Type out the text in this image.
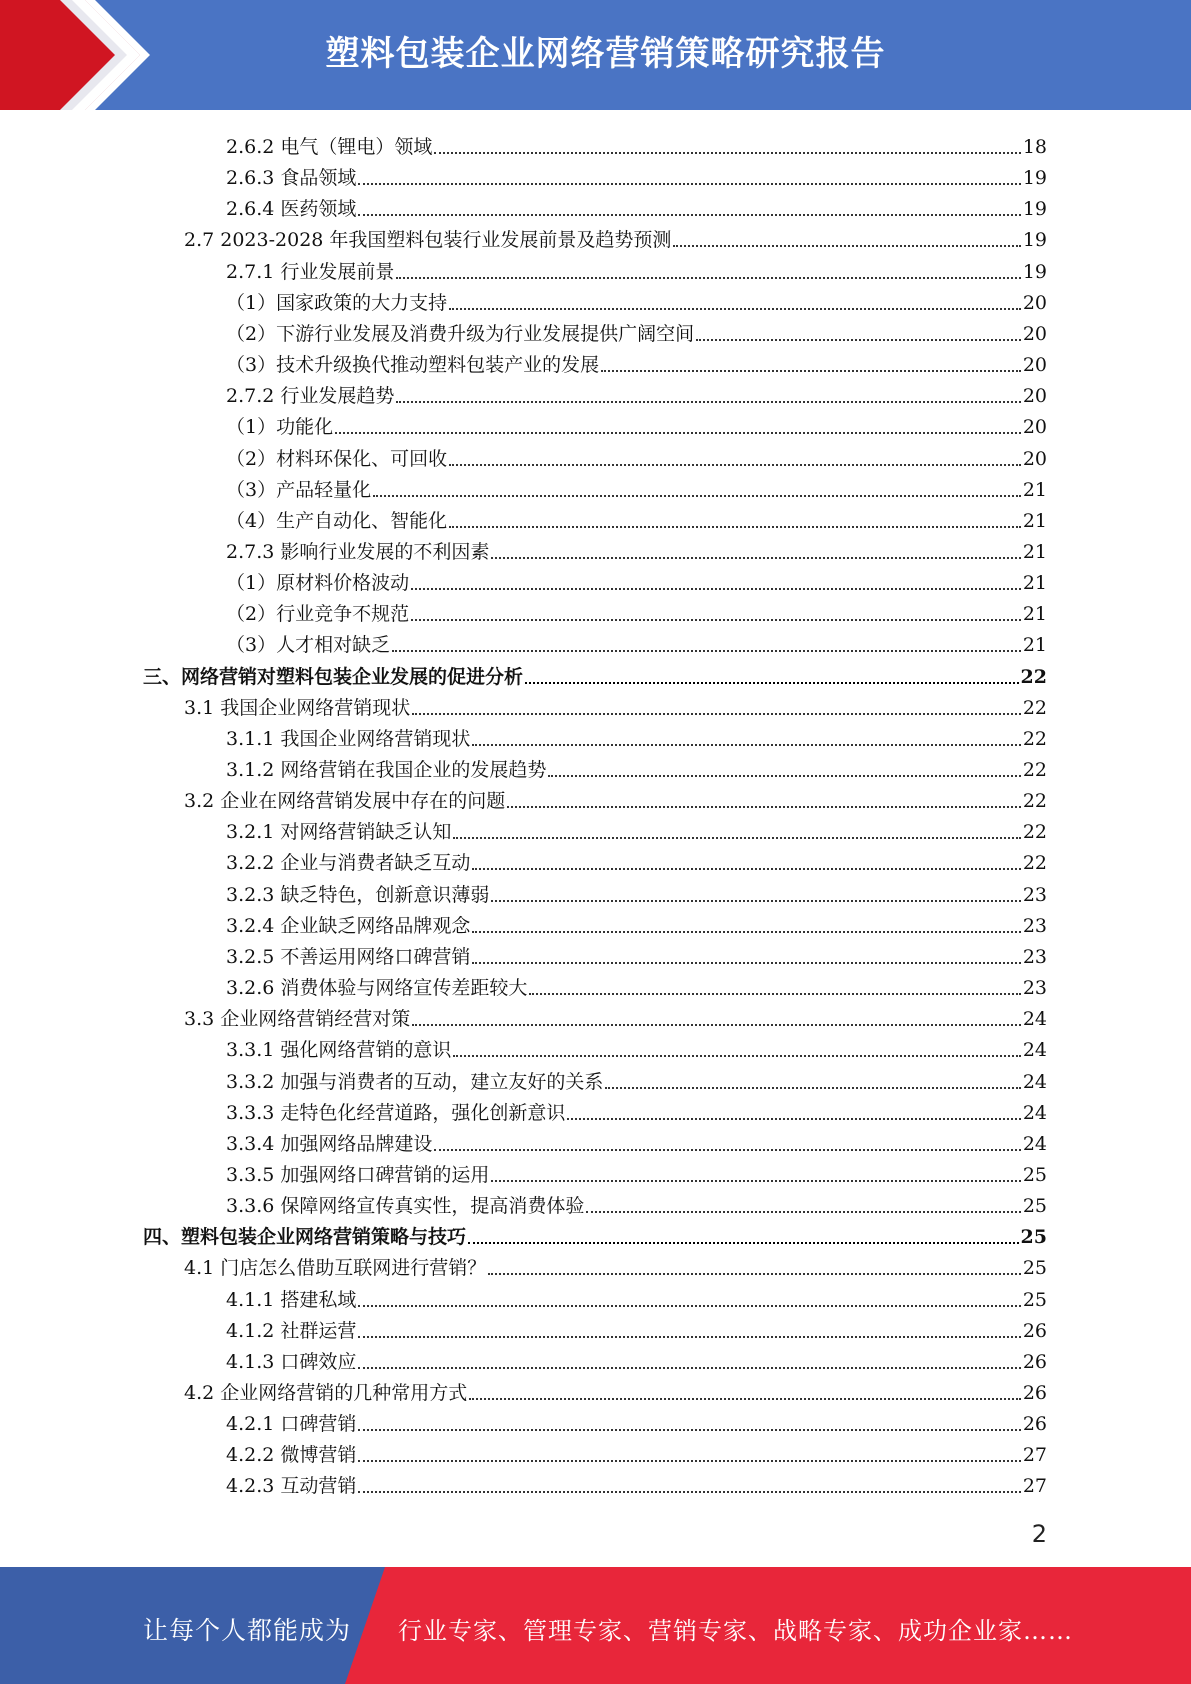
塑料包装企业网络营销策略研究报告
2.6.2 电气（锂电）领域	18
2.6.3 食品领域	19
2.6.4 医药领域	19
2.7 2023-2028 年我国塑料包装行业发展前景及趋势预测	19
2.7.1 行业发展前景	19
（1）国家政策的大力支持	20
（2）下游行业发展及消费升级为行业发展提供广阔空间	20
（3）技术升级换代推动塑料包装产业的发展	20
2.7.2 行业发展趋势	20
（1）功能化	20
（2）材料环保化、可回收	20
（3）产品轻量化	21
（4）生产自动化、智能化	21
2.7.3 影响行业发展的不利因素	21
（1）原材料价格波动	21
（2）行业竞争不规范	21
（3）人才相对缺乏	21
三、网络营销对塑料包装企业发展的促进分析	22
3.1 我国企业网络营销现状	22
3.1.1 我国企业网络营销现状	22
3.1.2 网络营销在我国企业的发展趋势	22
3.2 企业在网络营销发展中存在的问题	22
3.2.1 对网络营销缺乏认知	22
3.2.2 企业与消费者缺乏互动	22
3.2.3 缺乏特色，创新意识薄弱	23
3.2.4 企业缺乏网络品牌观念	23
3.2.5 不善运用网络口碑营销	23
3.2.6 消费体验与网络宣传差距较大	23
3.3 企业网络营销经营对策	24
3.3.1 强化网络营销的意识	24
3.3.2 加强与消费者的互动，建立友好的关系	24
3.3.3 走特色化经营道路，强化创新意识	24
3.3.4 加强网络品牌建设	24
3.3.5 加强网络口碑营销的运用	25
3.3.6 保障网络宣传真实性，提高消费体验	25
四、塑料包装企业网络营销策略与技巧	25
4.1 门店怎么借助互联网进行营销？	25
4.1.1 搭建私域	25
4.1.2 社群运营	26
4.1.3 口碑效应	26
4.2 企业网络营销的几种常用方式	26
4.2.1 口碑营销	26
4.2.2 微博营销	27
4.2.3 互动营销	27
2
让每个人都能成为 行业专家、管理专家、营销专家、战略专家、成功企业家……
